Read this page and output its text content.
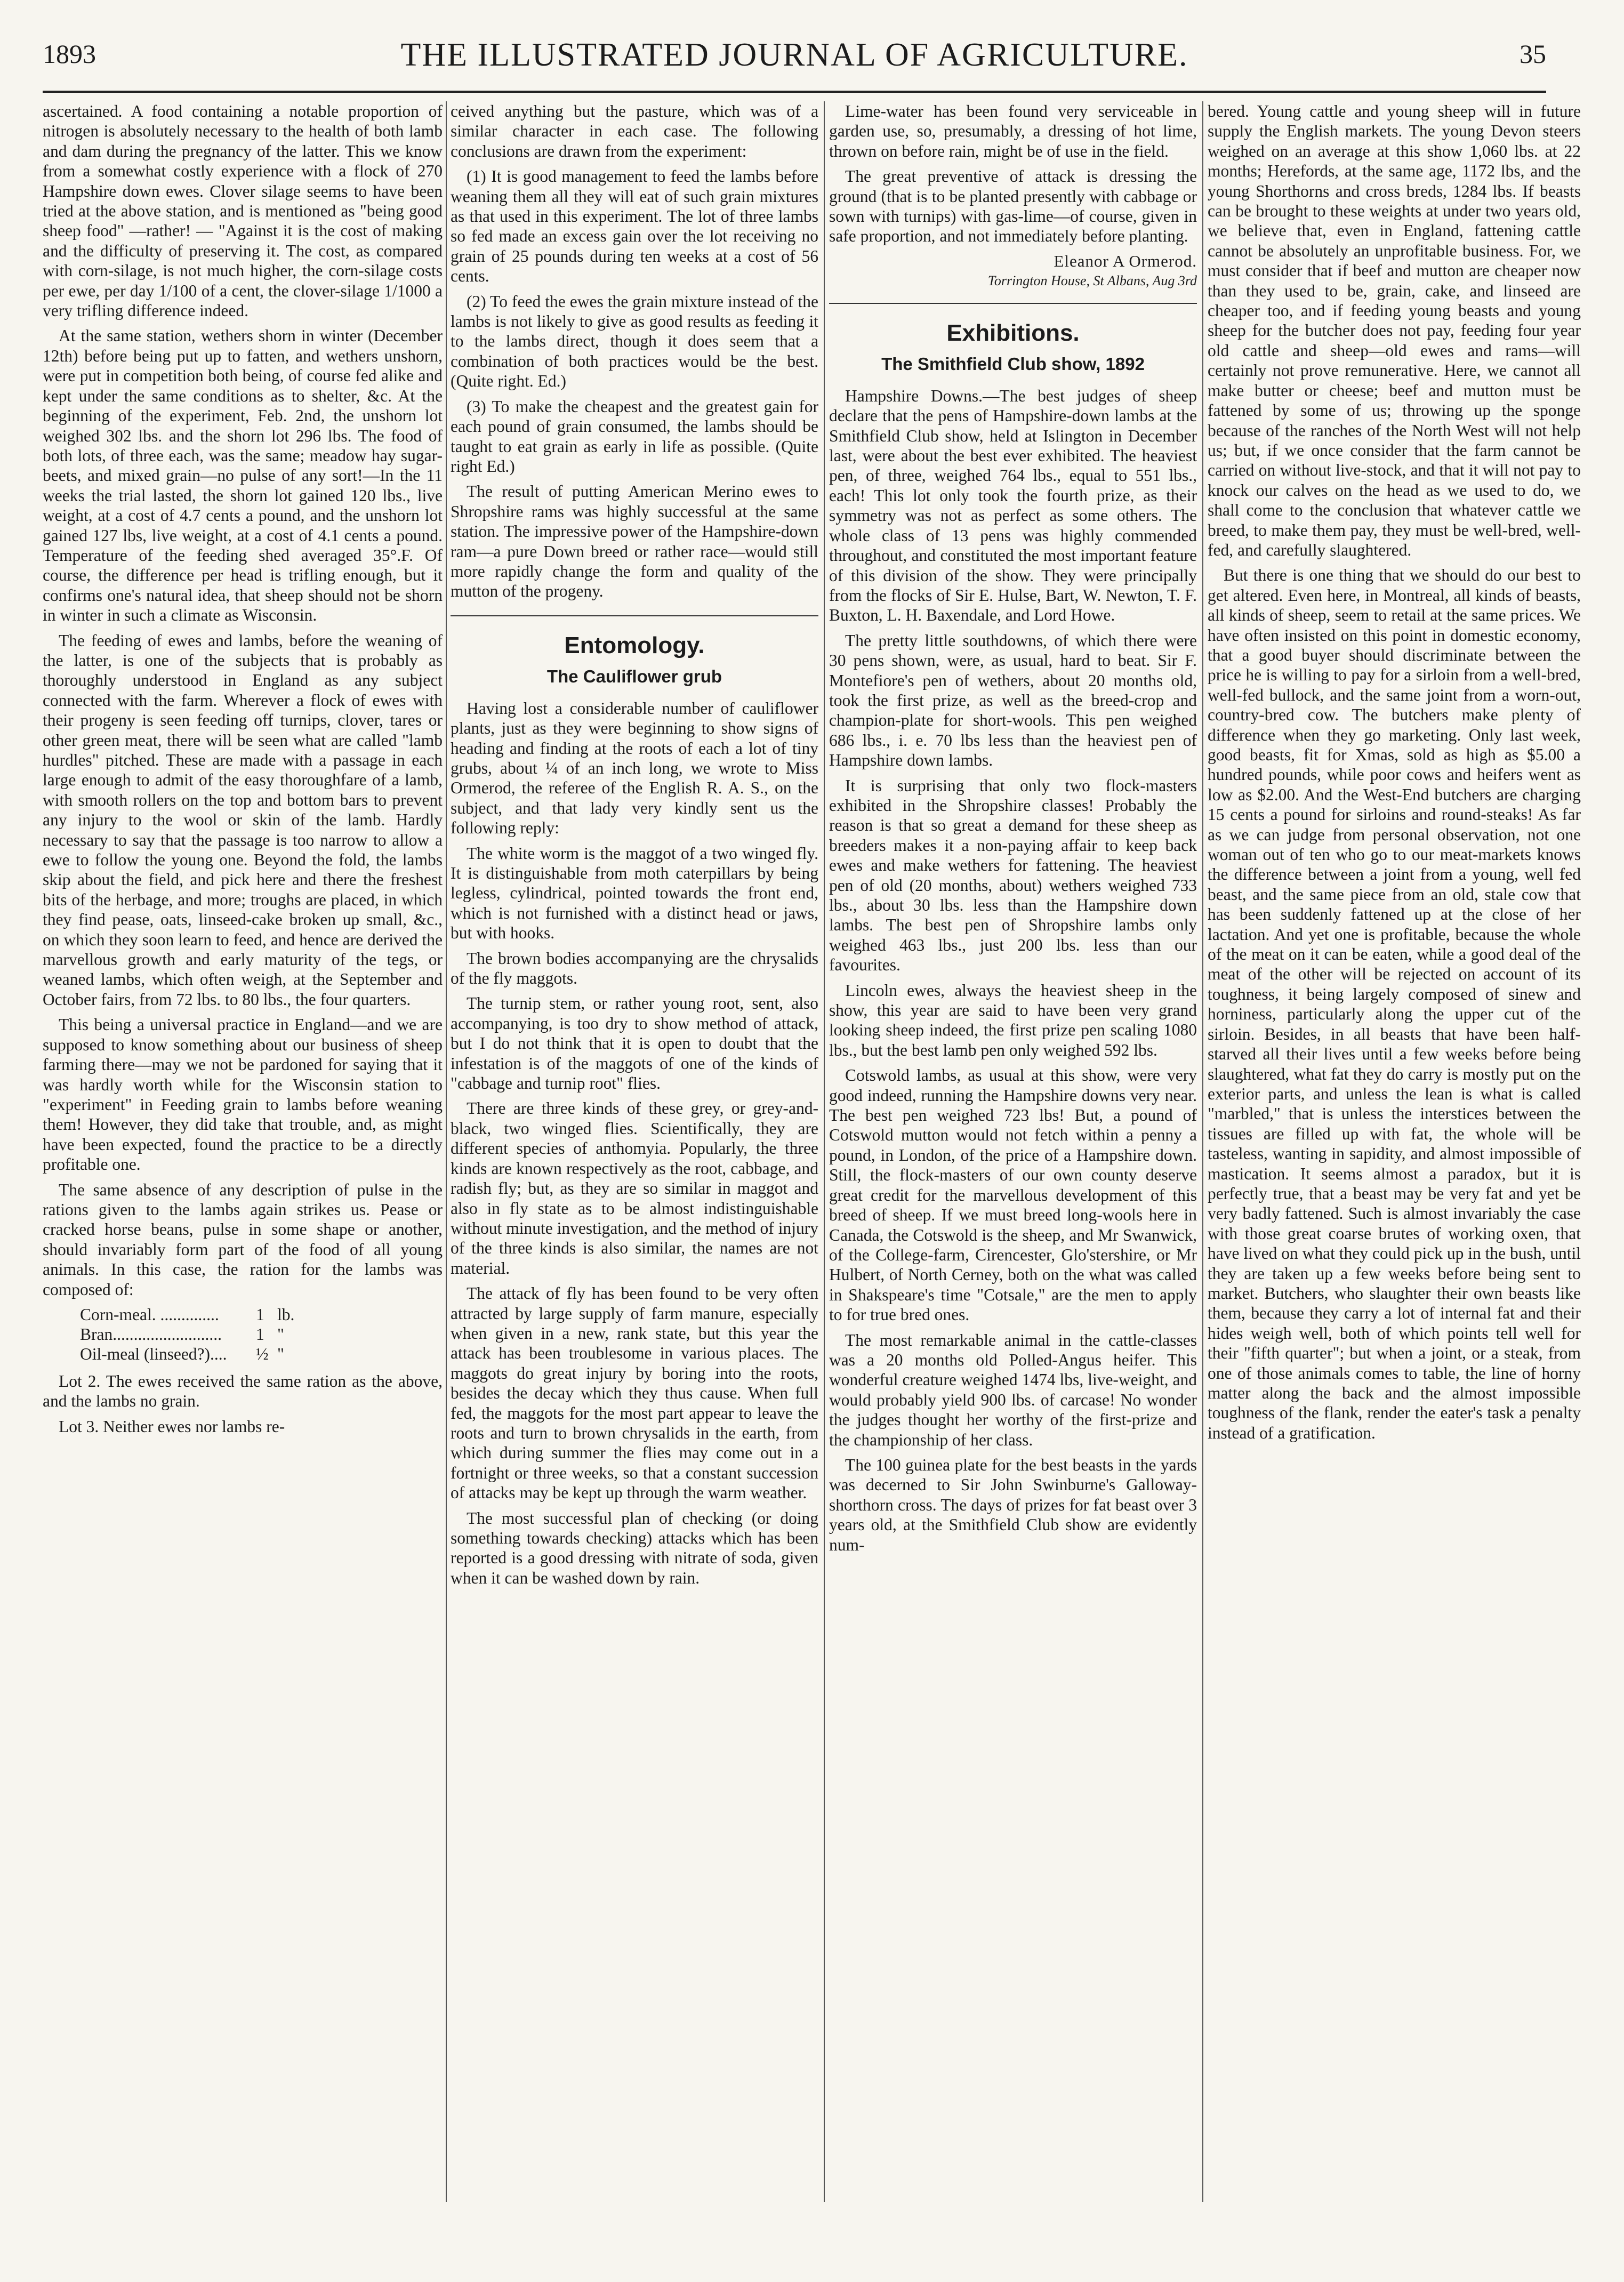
1893	THE ILLUSTRATED JOURNAL OF AGRICULTURE.	35

ascertained. A food containing a notable proportion of nitrogen is absolutely necessary to the health of both lamb and dam during the pregnancy of the latter. This we know from a somewhat costly experience with a flock of 270 Hampshire down ewes. Clover silage seems to have been tried at the above station, and is mentioned as "being good sheep food" —rather! — "Against it is the cost of making and the difficulty of preserving it. The cost, as compared with corn-silage, is not much higher, the corn-silage costs per ewe, per day 1/100 of a cent, the clover-silage 1/1000 a very trifling difference indeed.

At the same station, wethers shorn in winter (December 12th) before being put up to fatten, and wethers unshorn, were put in competition both being, of course fed alike and kept under the same conditions as to shelter, &c. At the beginning of the experiment, Feb. 2nd, the unshorn lot weighed 302 lbs. and the shorn lot 296 lbs. The food of both lots, of three each, was the same; meadow hay sugar-beets, and mixed grain—no pulse of any sort!—In the 11 weeks the trial lasted, the shorn lot gained 120 lbs., live weight, at a cost of 4.7 cents a pound, and the unshorn lot gained 127 lbs, live weight, at a cost of 4.1 cents a pound. Temperature of the feeding shed averaged 35°.F. Of course, the difference per head is trifling enough, but it confirms one's natural idea, that sheep should not be shorn in winter in such a climate as Wisconsin.

The feeding of ewes and lambs, before the weaning of the latter, is one of the subjects that is probably as thoroughly understood in England as any subject connected with the farm. Wherever a flock of ewes with their progeny is seen feeding off turnips, clover, tares or other green meat, there will be seen what are called "lamb hurdles" pitched. These are made with a passage in each large enough to admit of the easy thoroughfare of a lamb, with smooth rollers on the top and bottom bars to prevent any injury to the wool or skin of the lamb. Hardly necessary to say that the passage is too narrow to allow a ewe to follow the young one. Beyond the fold, the lambs skip about the field, and pick here and there the freshest bits of the herbage, and more; troughs are placed, in which they find pease, oats, linseed-cake broken up small, &c., on which they soon learn to feed, and hence are derived the marvellous growth and early maturity of the tegs, or weaned lambs, which often weigh, at the September and October fairs, from 72 lbs. to 80 lbs., the four quarters.

This being a universal practice in England—and we are supposed to know something about our business of sheep farming there—may we not be pardoned for saying that it was hardly worth while for the Wisconsin station to "experiment" in Feeding grain to lambs before weaning them! However, they did take that trouble, and, as might have been expected, found the practice to be a directly profitable one.

The same absence of any description of pulse in the rations given to the lambs again strikes us. Pease or cracked horse beans, pulse in some shape or another, should invariably form part of the food of all young animals. In this case, the ration for the lambs was composed of:

Corn-meal. ..............	1 lb.
Bran..........................	1 "
Oil-meal (linseed?)....	½ "

Lot 2. The ewes received the same ration as the above, and the lambs no grain.

Lot 3. Neither ewes nor lambs re-

ceived anything but the pasture, which was of a similar character in each case. The following conclusions are drawn from the experiment:

(1) It is good management to feed the lambs before weaning them all they will eat of such grain mixtures as that used in this experiment. The lot of three lambs so fed made an excess gain over the lot receiving no grain of 25 pounds during ten weeks at a cost of 56 cents.

(2) To feed the ewes the grain mixture instead of the lambs is not likely to give as good results as feeding it to the lambs direct, though it does seem that a combination of both practices would be the best. (Quite right. Ed.)

(3) To make the cheapest and the greatest gain for each pound of grain consumed, the lambs should be taught to eat grain as early in life as possible. (Quite right Ed.)

The result of putting American Merino ewes to Shropshire rams was highly successful at the same station. The impressive power of the Hampshire-down ram—a pure Down breed or rather race—would still more rapidly change the form and quality of the mutton of the progeny.

Entomology.
The Cauliflower grub

Having lost a considerable number of cauliflower plants, just as they were beginning to show signs of heading and finding at the roots of each a lot of tiny grubs, about ¼ of an inch long, we wrote to Miss Ormerod, the referee of the English R. A. S., on the subject, and that lady very kindly sent us the following reply:

The white worm is the maggot of a two winged fly. It is distinguishable from moth caterpillars by being legless, cylindrical, pointed towards the front end, which is not furnished with a distinct head or jaws, but with hooks.

The brown bodies accompanying are the chrysalids of the fly maggots.

The turnip stem, or rather young root, sent, also accompanying, is too dry to show method of attack, but I do not think that it is open to doubt that the infestation is of the maggots of one of the kinds of "cabbage and turnip root" flies.

There are three kinds of these grey, or grey-and-black, two winged flies. Scientifically, they are different species of anthomyia. Popularly, the three kinds are known respectively as the root, cabbage, and radish fly; but, as they are so similar in maggot and also in fly state as to be almost indistinguishable without minute investigation, and the method of injury of the three kinds is also similar, the names are not material.

The attack of fly has been found to be very often attracted by large supply of farm manure, especially when given in a new, rank state, but this year the attack has been troublesome in various places. The maggots do great injury by boring into the roots, besides the decay which they thus cause. When full fed, the maggots for the most part appear to leave the roots and turn to brown chrysalids in the earth, from which during summer the flies may come out in a fortnight or three weeks, so that a constant succession of attacks may be kept up through the warm weather.

The most successful plan of checking (or doing something towards checking) attacks which has been reported is a good dressing with nitrate of soda, given when it can be washed down by rain.

Lime-water has been found very serviceable in garden use, so, presumably, a dressing of hot lime, thrown on before rain, might be of use in the field.

The great preventive of attack is dressing the ground (that is to be planted presently with cabbage or sown with turnips) with gas-lime—of course, given in safe proportion, and not immediately before planting.

Eleanor A Ormerod.
Torrington House, St Albans, Aug 3rd
Exhibitions.
The Smithfield Club show, 1892

Hampshire Downs.—The best judges of sheep declare that the pens of Hampshire-down lambs at the Smithfield Club show, held at Islington in December last, were about the best ever exhibited. The heaviest pen, of three, weighed 764 lbs., equal to 551 lbs., each! This lot only took the fourth prize, as their symmetry was not as perfect as some others. The whole class of 13 pens was highly commended throughout, and constituted the most important feature of this division of the show. They were principally from the flocks of Sir E. Hulse, Bart, W. Newton, T. F. Buxton, L. H. Baxendale, and Lord Howe.

The pretty little southdowns, of which there were 30 pens shown, were, as usual, hard to beat. Sir F. Montefiore's pen of wethers, about 20 months old, took the first prize, as well as the breed-crop and champion-plate for short-wools. This pen weighed 686 lbs., i. e. 70 lbs less than the heaviest pen of Hampshire down lambs.

It is surprising that only two flock-masters exhibited in the Shropshire classes! Probably the reason is that so great a demand for these sheep as breeders makes it a non-paying affair to keep back ewes and make wethers for fattening. The heaviest pen of old (20 months, about) wethers weighed 733 lbs., about 30 lbs. less than the Hampshire down lambs. The best pen of Shropshire lambs only weighed 463 lbs., just 200 lbs. less than our favourites.

Lincoln ewes, always the heaviest sheep in the show, this year are said to have been very grand looking sheep indeed, the first prize pen scaling 1080 lbs., but the best lamb pen only weighed 592 lbs.

Cotswold lambs, as usual at this show, were very good indeed, running the Hampshire downs very near. The best pen weighed 723 lbs! But, a pound of Cotswold mutton would not fetch within a penny a pound, in London, of the price of a Hampshire down. Still, the flock-masters of our own county deserve great credit for the marvellous development of this breed of sheep. If we must breed long-wools here in Canada, the Cotswold is the sheep, and Mr Swanwick, of the College-farm, Cirencester, Glo'stershire, or Mr Hulbert, of North Cerney, both on the what was called in Shakspeare's time "Cotsale," are the men to apply to for true bred ones.

The most remarkable animal in the cattle-classes was a 20 months old Polled-Angus heifer. This wonderful creature weighed 1474 lbs, live-weight, and would probably yield 900 lbs. of carcase! No wonder the judges thought her worthy of the first-prize and the championship of her class.

The 100 guinea plate for the best beasts in the yards was decerned to Sir John Swinburne's Galloway-shorthorn cross. The days of prizes for fat beast over 3 years old, at the Smithfield Club show are evidently num-

bered. Young cattle and young sheep will in future supply the English markets. The young Devon steers weighed on an average at this show 1,060 lbs. at 22 months; Herefords, at the same age, 1172 lbs, and the young Shorthorns and cross breds, 1284 lbs. If beasts can be brought to these weights at under two years old, we believe that, even in England, fattening cattle cannot be absolutely an unprofitable business. For, we must consider that if beef and mutton are cheaper now than they used to be, grain, cake, and linseed are cheaper too, and if feeding young beasts and young sheep for the butcher does not pay, feeding four year old cattle and sheep—old ewes and rams—will certainly not prove remunerative. Here, we cannot all make butter or cheese; beef and mutton must be fattened by some of us; throwing up the sponge because of the ranches of the North West will not help us; but, if we once consider that the farm cannot be carried on without live-stock, and that it will not pay to knock our calves on the head as we used to do, we shall come to the conclusion that whatever cattle we breed, to make them pay, they must be well-bred, well-fed, and carefully slaughtered.

But there is one thing that we should do our best to get altered. Even here, in Montreal, all kinds of beasts, all kinds of sheep, seem to retail at the same prices. We have often insisted on this point in domestic economy, that a good buyer should discriminate between the price he is willing to pay for a sirloin from a well-bred, well-fed bullock, and the same joint from a worn-out, country-bred cow. The butchers make plenty of difference when they go marketing. Only last week, good beasts, fit for Xmas, sold as high as $5.00 a hundred pounds, while poor cows and heifers went as low as $2.00. And the West-End butchers are charging 15 cents a pound for sirloins and round-steaks! As far as we can judge from personal observation, not one woman out of ten who go to our meat-markets knows the difference between a joint from a young, well fed beast, and the same piece from an old, stale cow that has been suddenly fattened up at the close of her lactation. And yet one is profitable, because the whole of the meat on it can be eaten, while a good deal of the meat of the other will be rejected on account of its toughness, it being largely composed of sinew and horniness, particularly along the upper cut of the sirloin. Besides, in all beasts that have been half-starved all their lives until a few weeks before being slaughtered, what fat they do carry is mostly put on the exterior parts, and unless the lean is what is called "marbled," that is unless the interstices between the tissues are filled up with fat, the whole will be tasteless, wanting in sapidity, and almost impossible of mastication. It seems almost a paradox, but it is perfectly true, that a beast may be very fat and yet be very badly fattened. Such is almost invariably the case with those great coarse brutes of working oxen, that have lived on what they could pick up in the bush, until they are taken up a few weeks before being sent to market. Butchers, who slaughter their own beasts like them, because they carry a lot of internal fat and their hides weigh well, both of which points tell well for their "fifth quarter"; but when a joint, or a steak, from one of those animals comes to table, the line of horny matter along the back and the almost impossible toughness of the flank, render the eater's task a penalty instead of a gratification.
